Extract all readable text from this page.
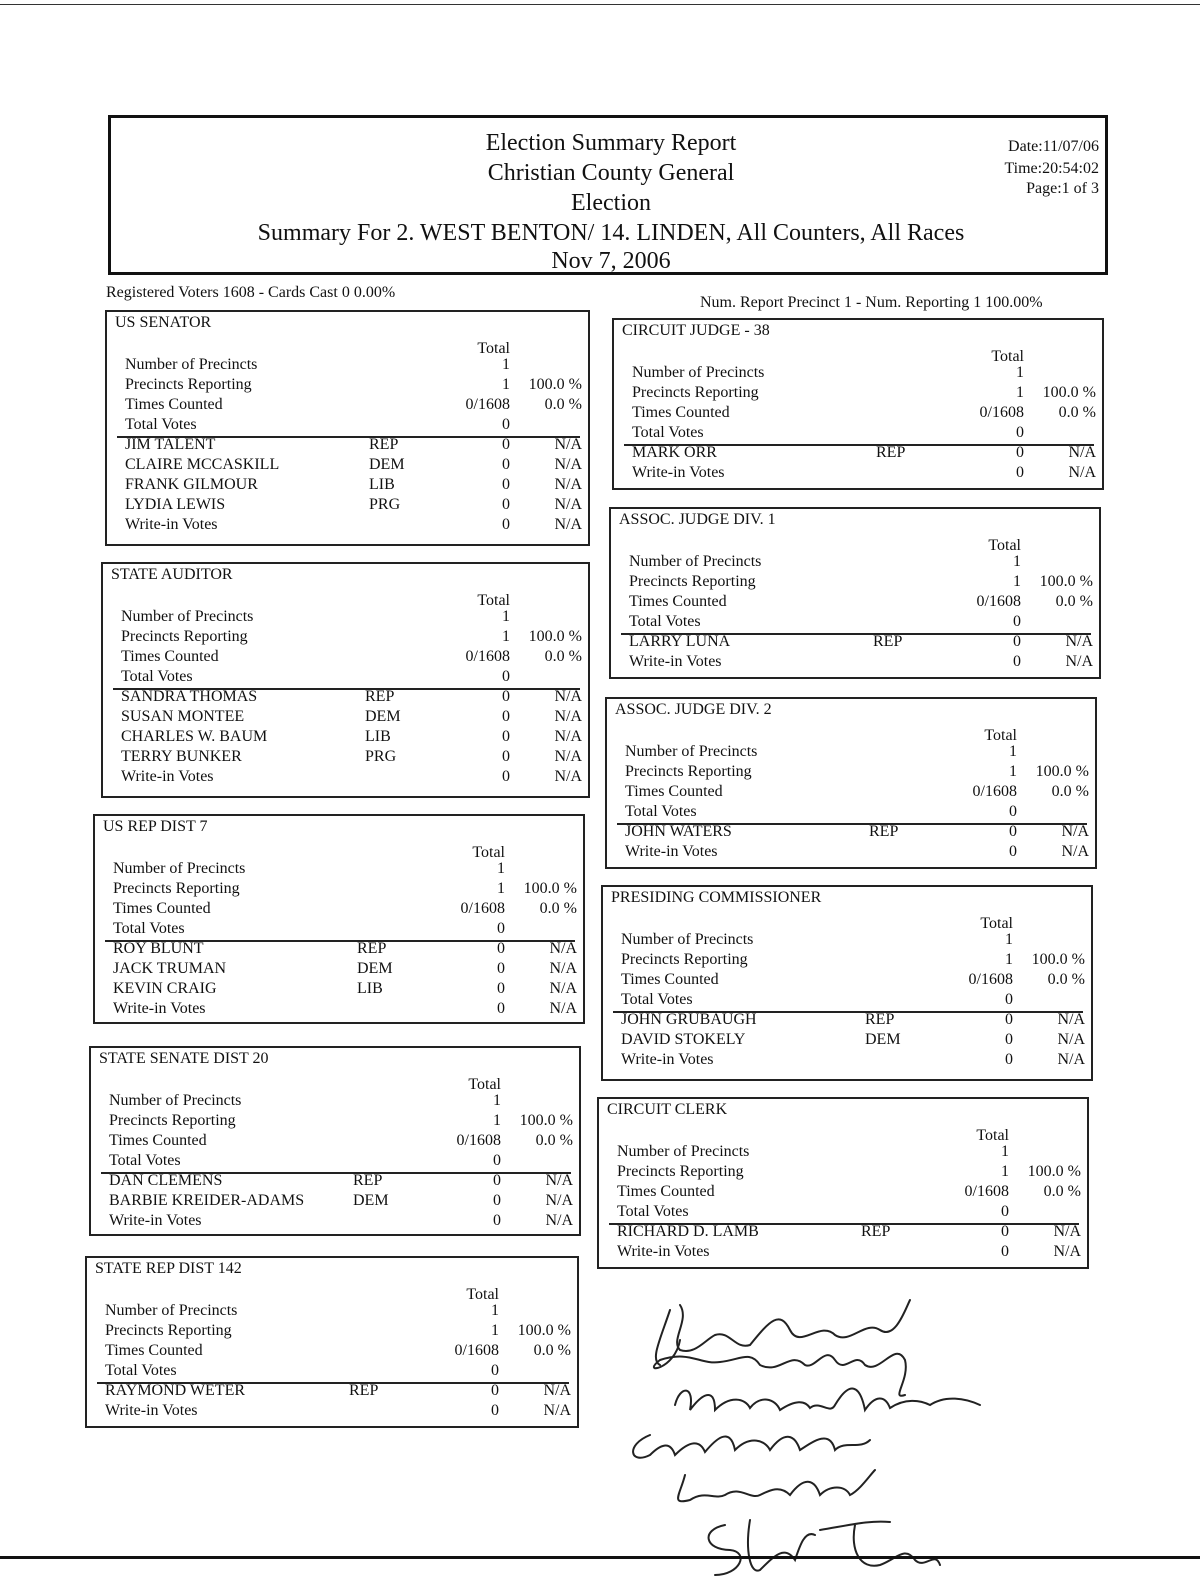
Election Summary Report
Christian County General
Election
Summary For 2. WEST BENTON/ 14. LINDEN, All Counters, All Races
Nov 7, 2006
Date:11/07/06
Time:20:54:02
Page:1 of 3
Registered Voters 1608 - Cards Cast 0 0.00%
Num. Report Precinct 1 - Num. Reporting 1 100.00%
US SENATOR
Total
Number of Precincts	1
Precincts Reporting	1 100.0 %
Times Counted	0/1608 0.0 %
Total Votes	0
JIM TALENT	REP	0	N/A
CLAIRE MCCASKILL	DEM	0	N/A
FRANK GILMOUR	LIB	0	N/A
LYDIA LEWIS	PRG	0	N/A
Write-in Votes	0	N/A
STATE AUDITOR
Total
Number of Precincts	1
Precincts Reporting	1 100.0 %
Times Counted	0/1608 0.0 %
Total Votes	0
SANDRA THOMAS	REP	0	N/A
SUSAN MONTEE	DEM	0	N/A
CHARLES W. BAUM	LIB	0	N/A
TERRY BUNKER	PRG	0	N/A
Write-in Votes	0	N/A
US REP DIST 7
Total
Number of Precincts	1
Precincts Reporting	1 100.0 %
Times Counted	0/1608 0.0 %
Total Votes	0
ROY BLUNT	REP	0	N/A
JACK TRUMAN	DEM	0	N/A
KEVIN CRAIG	LIB	0	N/A
Write-in Votes	0	N/A
STATE SENATE DIST 20
Total
Number of Precincts	1
Precincts Reporting	1 100.0 %
Times Counted	0/1608 0.0 %
Total Votes	0
DAN CLEMENS	REP	0	N/A
BARBIE KREIDER-ADAMS	DEM	0	N/A
Write-in Votes	0	N/A
STATE REP DIST 142
Total
Number of Precincts	1
Precincts Reporting	1 100.0 %
Times Counted	0/1608 0.0 %
Total Votes	0
RAYMOND WETER	REP	0	N/A
Write-in Votes	0	N/A
CIRCUIT JUDGE - 38
Total
Number of Precincts	1
Precincts Reporting	1 100.0 %
Times Counted	0/1608 0.0 %
Total Votes	0
MARK ORR	REP	0	N/A
Write-in Votes	0	N/A
ASSOC. JUDGE DIV. 1
Total
Number of Precincts	1
Precincts Reporting	1 100.0 %
Times Counted	0/1608 0.0 %
Total Votes	0
LARRY LUNA	REP	0	N/A
Write-in Votes	0	N/A
ASSOC. JUDGE DIV. 2
Total
Number of Precincts	1
Precincts Reporting	1 100.0 %
Times Counted	0/1608 0.0 %
Total Votes	0
JOHN WATERS	REP	0	N/A
Write-in Votes	0	N/A
PRESIDING COMMISSIONER
Total
Number of Precincts	1
Precincts Reporting	1 100.0 %
Times Counted	0/1608 0.0 %
Total Votes	0
JOHN GRUBAUGH	REP	0	N/A
DAVID STOKELY	DEM	0	N/A
Write-in Votes	0	N/A
CIRCUIT CLERK
Total
Number of Precincts	1
Precincts Reporting	1 100.0 %
Times Counted	0/1608 0.0 %
Total Votes	0
RICHARD D. LAMB	REP	0	N/A
Write-in Votes	0	N/A
